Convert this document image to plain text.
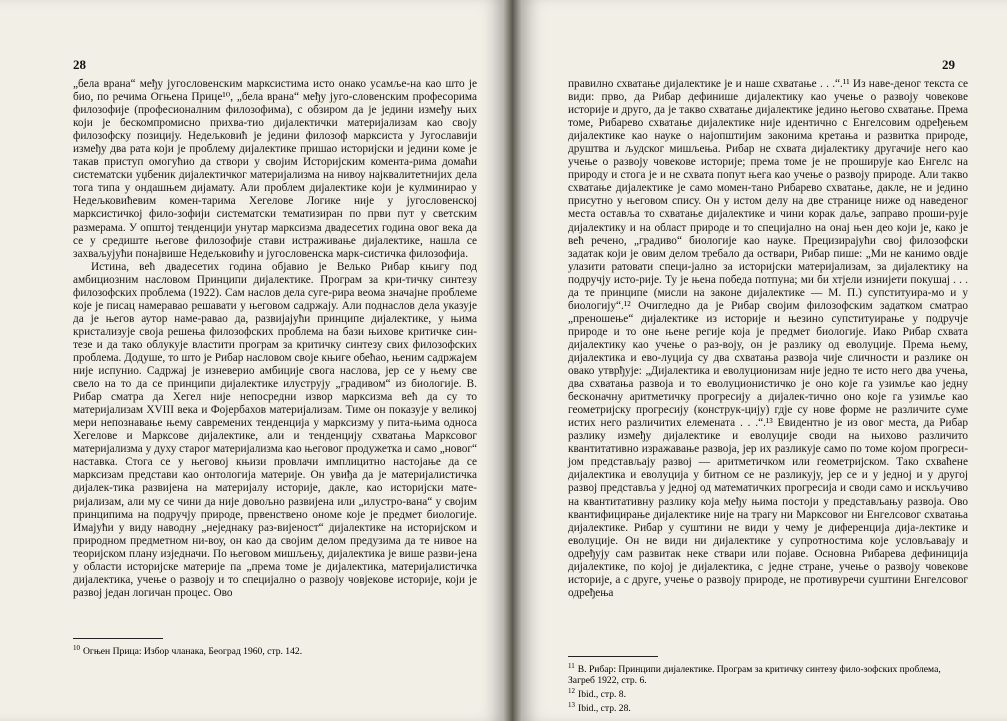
28

„бела врана“ међу југословенским марксистима исто онако усамље-на као што је био, по речима Огњена Прице¹⁰, „бела врана“ међу југо-словенским професорима филозофије (професионалним филозофима), с обзиром да је једини између њих који је бескомпромисно прихва-тио дијалектички материјализам као своју филозофску позицију. Недељковић је једини филозоф марксиста у Југославији између два рата који је проблему дијалектике пришао историјски и једини коме је такав приступ омогућио да створи у своjим Историјским коментa-рима домаћи систематски уџбеник дијалектичког материјализма на нивоу најквалитетнијих дела тога типа у ондашњем дијамату. Али проблем дијалектике који је кулминирао у Недељковићевим комен-тарима Хегелове Логике није у југословенској марксистичкој фило-зофији систематски тематизиран по први пут у светским размерама. У општој тенденцији унутар марксизма двадесетих година овог века да се у средиште његове филозофије стави истраживање дијалектике, нашла се захваљујући понајвише Недељковићу и југословенска марк-систичка филозофија.

Истина, већ двадесетих година објавио је Велько Рибар књигу под амбициозним насловом Принципи дијалектике. Програм за кри-тичку синтезу филозофских проблема (1922). Сам наслов дела сугe-рира веома значајне проблеме које је писац намеравао решавати у његовом садржају. Али поднаслов дела указује да је његов аутор наме-равао да, развијајући принципе дијалектике, у њима кристализује своја решења филозофских проблема на бази њихове критичке син-тезе и да тако облукује властити програм за критичку синтезу свих филозофских проблема. Додуше, то што је Рибар насловом своје књиге обећао, њеним садржајем није испунио. Садржај је изневерио амбиције свога наслова, јер се у њему све свело на то да се принципи дијалектике илуструју „градивом“ из биологије. В. Рибар сматра да Хегел није непосредни извор марксизма већ да су то материјализам XVIII века и Фојербахов материјализам. Тиме он показује у великој мери непознавање њему савремених тенденција у марксизму у пита-њима односа Хегелове и Марксове дијалектике, али и тенденцију схватања Марксовог материјализма у духу старог материјализма као његовог продужетка и само „новог“ наставка. Стога се у његовој књизи провлачи имплицитно настојање да се марксизам представи као онтологија материје. Он увиђа да је материјалистичка дијалек-тика развијена на материјалу историје, дакле, као историјски мате-ријализам, али му се чини да није довољно развијена или „илустро-вана“ у својим принципима на подручју природе, првенствено онoме које је предмет биологије. Имајући у виду наводну „неједнаку раз-вијеност“ дијалектике на историјском и природном предметном ни-воу, он као да својим делом предузима да те нивое на теоријском плану изједначи. По његовом мишљењу, дијалектика је више разви-јена у области историјске материје па „према томе је дијалектика, материјалистичка дијалектика, учење о развоју и то специјално о развоју човјековe историје, који је развој један логичан процес. Ово

$^{10}$ Огњен Прица: Избор чланака, Београд 1960, стр. 142.

29

правилно схватање дијалектике је и наше схватање . . .“.¹¹ Из наве-деног текста се види: прво, да Рибар дефинише дијалектику као учење о развоју човековe историје и друго, да је такво схватање дијалектике једино његово схватање. Према томе, Рибарево схватање дијалектике није идентично с Енгелсовим одређењем дијалектике као науке о најопштијим законима кретања и развитка природе, друштва и људског мишљења. Рибар не схвата дијалектику другачије него као учење о развоју човековe историје; према томе је не проширује као Енгелс на природу и стога је и не схвата попут њега као учење о развоју природе. Али такво схватање дијалектике је само момен-тано Рибарево схватање, дакле, не и једино присутно у његовом спису. Он у истом делу на две странице ниже од наведеног места оставља то схватање дијалектике и чини корак даље, заправо прoши-рује дијалектику и на област природе и то специјално на онај њен део који је, како је већ речено, „градиво“ биологије као науке. Прецизирајући свој филозофски задатак који је овим делом требало да оствари, Рибар пише: „Ми не канимо овдје улазити ратовати специ-јално за историјски материјализам, за дијалектику на подручју исто-рије. Ту је њена победа потпуна; ми би хтјели изнијети покушај . . . да те принципе (мисли на законе дијалектике — М. П.) супституира-мо и у биологију“.¹² Очигледно да је Рибар својим филозофским задатком сматрао „преношење“ дијалектике из историје и њезино супституирање у подручје природе и то оне њене регије која је предмет биологије. Иако Рибар схвата дијалектику као учење о раз-воју, он је разлику од еволуције. Према њему, дијалектика и ево-луција су два схватања развоја чије сличности и разлике он овако утврђује: „Дијалектика и еволуционизам није једно те исто него два учења, два схватања развоја и то еволуционистичко је оно које га узимље као једну бескoначну аритметичку прогресију а дијалек-тично оно које га узимље као геометријску прогресију (конструк-цију) гдје су нове форме не различите суме истих него различитих елемената . . .“.¹³ Евидентно је из овог места, да Рибар разлику између дијалектике и еволуције своди на њихово различито квантитативно изражавање развоја, јер их разликује само по томе којом прогреси-јом представљају развој — аритметичком или геометријском. Тако схваћене дијалектика и еволуција у битном се не разликују, јер се и у једној и у другој развој представља у једној од математичких прогресија и своди само и искључиво на квантитативну разлику која међу њима постоји у представљању развоја. Ово квантифицирање дијалектике није на трагу ни Марксовог ни Енгелсовог схватања дијалектике. Рибар у суштини не види у чему је диференција дија-лектике и еволуције. Он не види ни дијалектике у супротностима које условљавају и одређују сам развитак неке ствари или појаве. Основна Рибарева дефиниција дијалектике, по којој је дијалектика, с једне стране, учење о развоју човековe историје, а с друге, учење о развоју природе, не противуречи суштини Енгелсовог одређења

$^{11}$ В. Рибар: Принципи дијалектике. Програм за критичку синтезу фило-зофских проблема, Загреб 1922, стр. 6.

$^{12}$ Ibid., стр. 8.

$^{13}$ Ibid., стр. 28.
